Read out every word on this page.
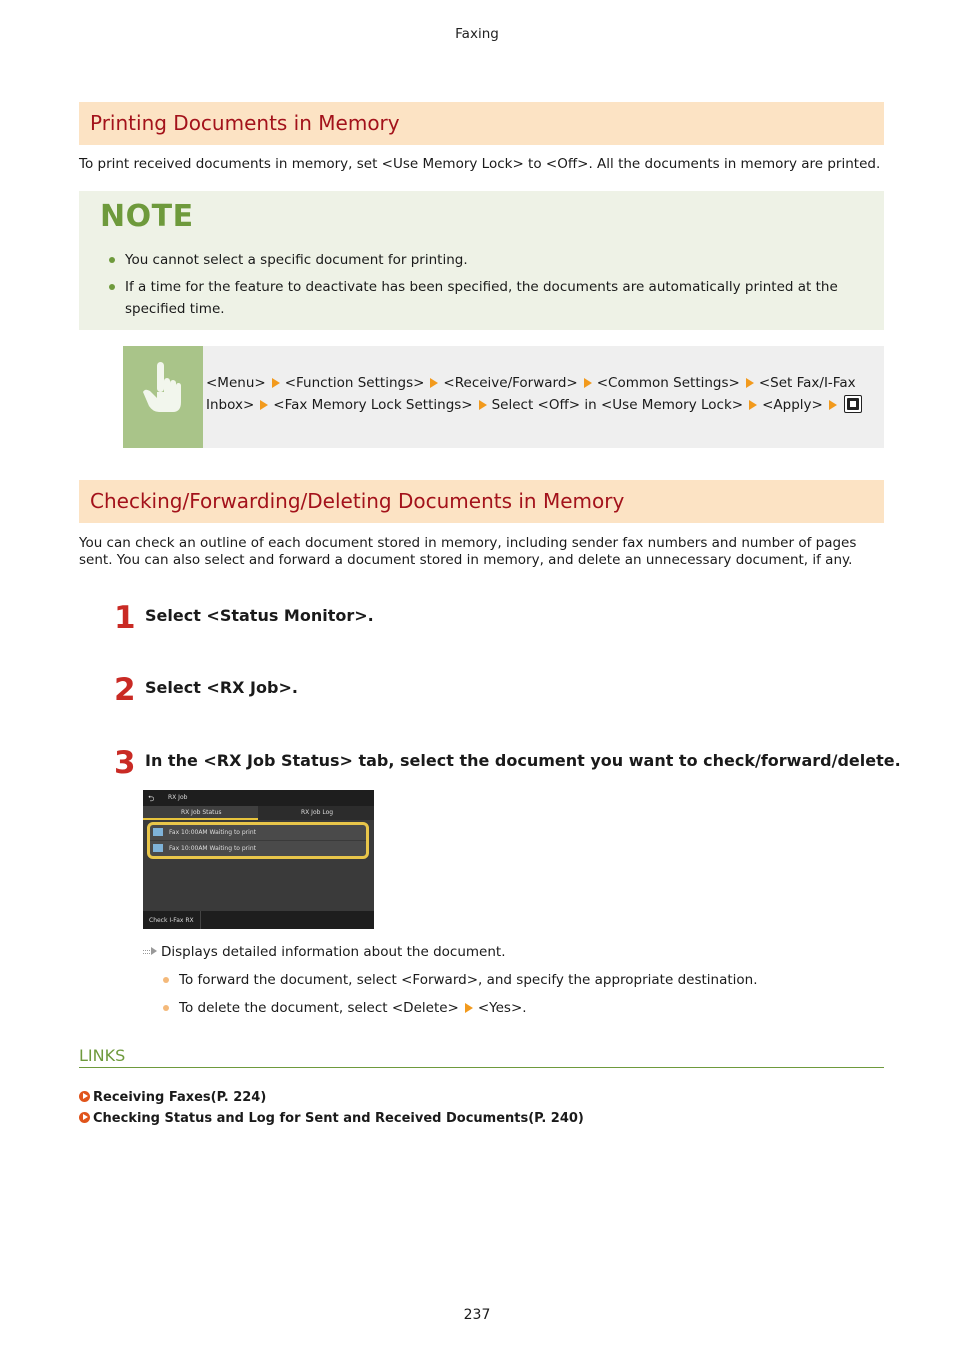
Faxing
Printing Documents in Memory
To print received documents in memory, set <Use Memory Lock> to <Off>. All the documents in memory are printed.
NOTE
You cannot select a specific document for printing.
If a time for the feature to deactivate has been specified, the documents are automatically printed at the specified time.
<Menu> <Function Settings> <Receive/Forward> <Common Settings> <Set Fax/I-Fax Inbox> <Fax Memory Lock Settings> Select <Off> in <Use Memory Lock> <Apply>
Checking/Forwarding/Deleting Documents in Memory
You can check an outline of each document stored in memory, including sender fax numbers and number of pages sent. You can also select and forward a document stored in memory, and delete an unnecessary document, if any.
1 Select <Status Monitor>.
2 Select <RX Job>.
3 In the <RX Job Status> tab, select the document you want to check/forward/delete.
⮌ RX Job
RX Job Status	RX Job Log
Fax 10:00AM Waiting to print
Fax 10:00AM Waiting to print
Check I-Fax RX
Displays detailed information about the document.
To forward the document, select <Forward>, and specify the appropriate destination.
To delete the document, select <Delete> <Yes>.
LINKS
Receiving Faxes(P. 224)
Checking Status and Log for Sent and Received Documents(P. 240)
237
